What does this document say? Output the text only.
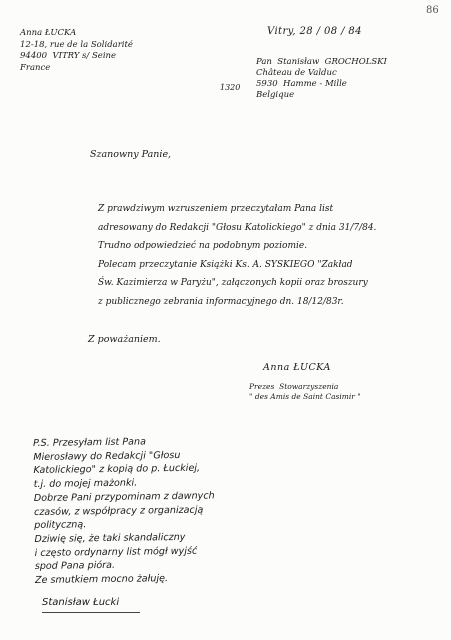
86
Anna ŁUCKA
12-18, rue de la Solidarité
94400  VITRY s/ Seine
France
Vitry, 28 / 08 / 84
Pan  Stanisław  GROCHOLSKI
Château de Valduc
5930  Hamme - Mille
Belgique
1320
Szanowny Panie,
Z prawdziwym wzruszeniem przeczytałam Pana list
adresowany do Redakcji "Głosu Katolickiego" z dnia 31/7/84.
Trudno odpowiedzieć na podobnym poziomie.
Polecam przeczytanie Książki Ks. A. SYSKIEGO "Zakład
Św. Kazimierza w Paryżu", załączonych kopii oraz broszury
z publicznego zebrania informacyjnego dn. 18/12/83r.
Z poważaniem.
Anna ŁUCKA
Prezes  Stowarzyszenia
" des Amis de Saint Casimir "
P.S. Przesyłam list Pana
Mierosławy do Redakcji "Głosu
Katolickiego" z kopią do p. Łuckiej,
t.j. do mojej mażonki.
Dobrze Pani przypominam z dawnych
czasów, z współpracy z organizacją
polityczną.
Dziwię się, że taki skandaliczny
i często ordynarny list mógł wyjść
spod Pana pióra.
Ze smutkiem mocno żałuję.
Stanisław Łucki
